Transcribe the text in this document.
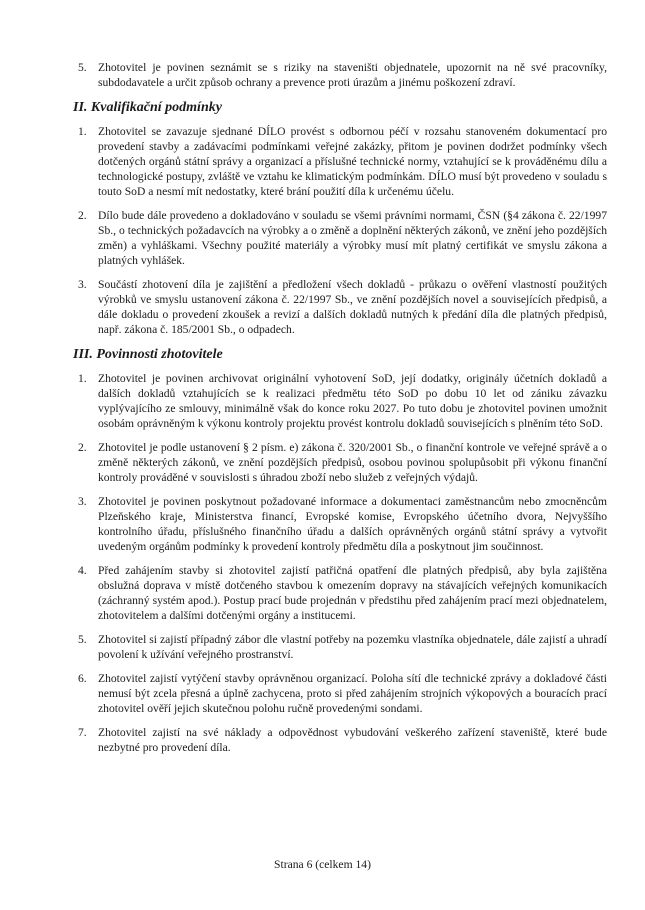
5. Zhotovitel je povinen seznámit se s riziky na staveništi objednatele, upozornit na ně své pracovníky, subdodavatele a určit způsob ochrany a prevence proti úrazům a jinému poškození zdraví.
II. Kvalifikační podmínky
1. Zhotovitel se zavazuje sjednané DÍLO provést s odbornou péčí v rozsahu stanoveném dokumentací pro provedení stavby a zadávacími podmínkami veřejné zakázky, přitom je povinen dodržet podmínky všech dotčených orgánů státní správy a organizací a příslušné technické normy, vztahující se k prováděnému dílu a technologické postupy, zvláště ve vztahu ke klimatickým podmínkám. DÍLO musí být provedeno v souladu s touto SoD a nesmí mít nedostatky, které brání použití díla k určenému účelu.
2. Dílo bude dále provedeno a dokladováno v souladu se všemi právními normami, ČSN (§4 zákona č. 22/1997 Sb., o technických požadavcích na výrobky a o změně a doplnění některých zákonů, ve znění jeho pozdějších změn) a vyhláškami. Všechny použité materiály a výrobky musí mít platný certifikát ve smyslu zákona a platných vyhlášek.
3. Součástí zhotovení díla je zajištění a předložení všech dokladů - průkazu o ověření vlastností použitých výrobků ve smyslu ustanovení zákona č. 22/1997 Sb., ve znění pozdějších novel a souvisejících předpisů, a dále dokladu o provedení zkoušek a revizí a dalších dokladů nutných k předání díla dle platných předpisů, např. zákona č. 185/2001 Sb., o odpadech.
III. Povinnosti zhotovitele
1. Zhotovitel je povinen archivovat originální vyhotovení SoD, její dodatky, originály účetních dokladů a dalších dokladů vztahujících se k realizaci předmětu této SoD po dobu 10 let od zániku závazku vyplývajícího ze smlouvy, minimálně však do konce roku 2027. Po tuto dobu je zhotovitel povinen umožnit osobám oprávněným k výkonu kontroly projektu provést kontrolu dokladů souvisejících s plněním této SoD.
2. Zhotovitel je podle ustanovení § 2 písm. e) zákona č. 320/2001 Sb., o finanční kontrole ve veřejné správě a o změně některých zákonů, ve znění pozdějších předpisů, osobou povinou spolupůsobit při výkonu finanční kontroly prováděné v souvislosti s úhradou zboží nebo služeb z veřejných výdajů.
3. Zhotovitel je povinen poskytnout požadované informace a dokumentaci zaměstnancům nebo zmocněncům Plzeňského kraje, Ministerstva financí, Evropské komise, Evropského účetního dvora, Nejvyššího kontrolního úřadu, příslušného finančního úřadu a dalších oprávněných orgánů státní správy a vytvořit uvedeným orgánům podmínky k provedení kontroly předmětu díla a poskytnout jim součinnost.
4. Před zahájením stavby si zhotovitel zajistí patřičná opatření dle platných předpisů, aby byla zajištěna obslužná doprava v místě dotčeného stavbou k omezením dopravy na stávajících veřejných komunikacích (záchranný systém apod.). Postup prací bude projednán v předstihu před zahájením prací mezi objednatelem, zhotovitelem a dalšími dotčenými orgány a institucemi.
5. Zhotovitel si zajistí případný zábor dle vlastní potřeby na pozemku vlastníka objednatele, dále zajistí a uhradí povolení k užívání veřejného prostranství.
6. Zhotovitel zajistí vytýčení stavby oprávněnou organizací. Poloha sítí dle technické zprávy a dokladové části nemusí být zcela přesná a úplně zachycena, proto si před zahájením strojních výkopových a bouracích prací zhotovitel ověří jejich skutečnou polohu ručně provedenými sondami.
7. Zhotovitel zajistí na své náklady a odpovědnost vybudování veškerého zařízení staveniště, které bude nezbytné pro provedení díla.
Strana 6 (celkem 14)
